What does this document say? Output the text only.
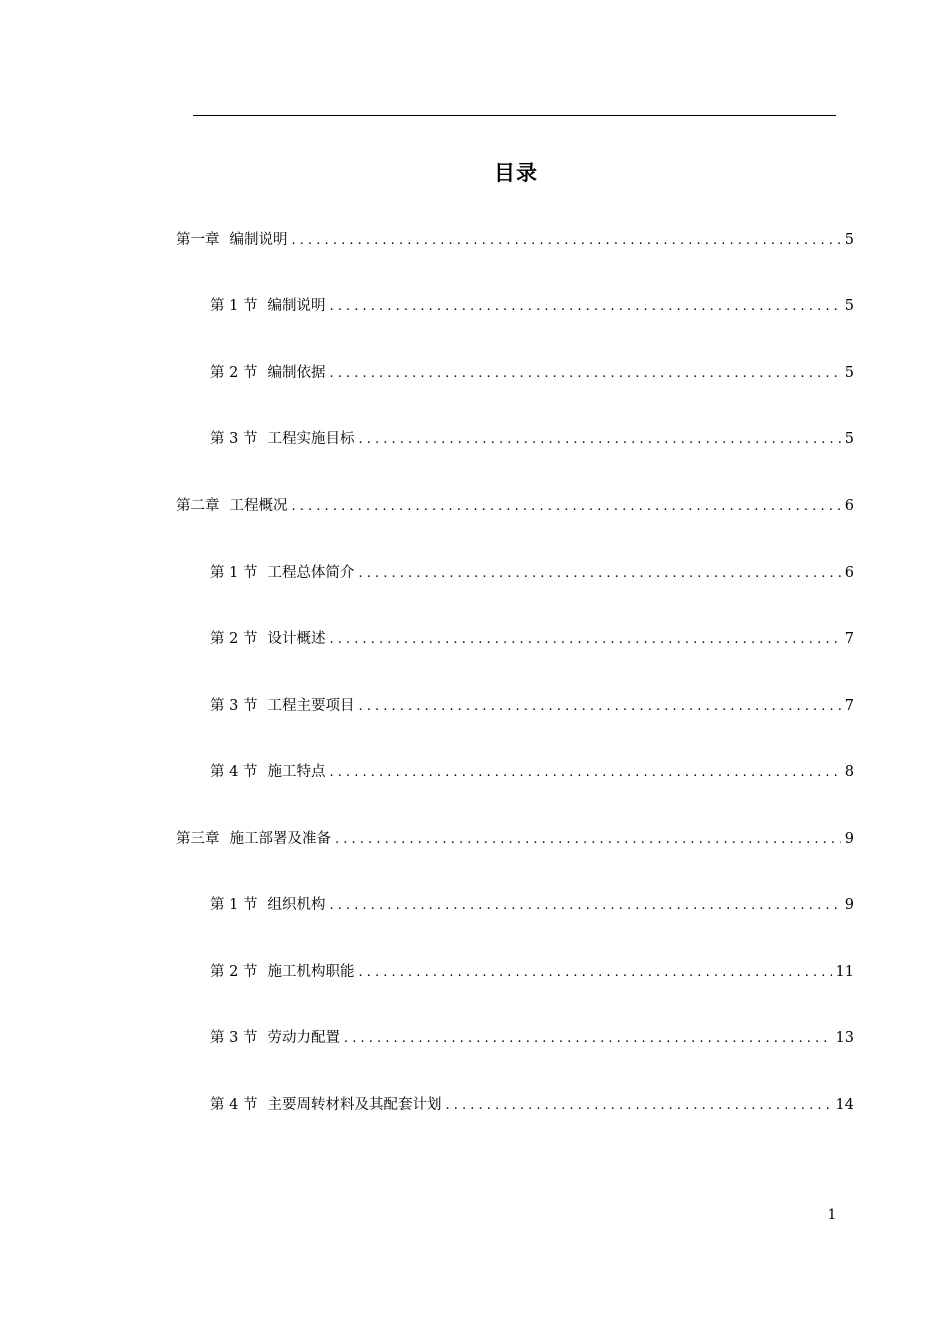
目录
第一章 编制说明 . . .	5
第 1 节 编制说明 . . .	5
第 2 节 编制依据 . . .	5
第 3 节 工程实施目标 . . .	5
第二章 工程概况 . . .	6
第 1 节 工程总体简介 . . .	6
第 2 节 设计概述 . . .	7
第 3 节 工程主要项目 . . .	7
第 4 节 施工特点 . . .	8
第三章 施工部署及准备 . . .	9
第 1 节 组织机构 . . .	9
第 2 节 施工机构职能 . . .	11
第 3 节 劳动力配置 . . .	13
第 4 节 主要周转材料及其配套计划 . . .	14
1
